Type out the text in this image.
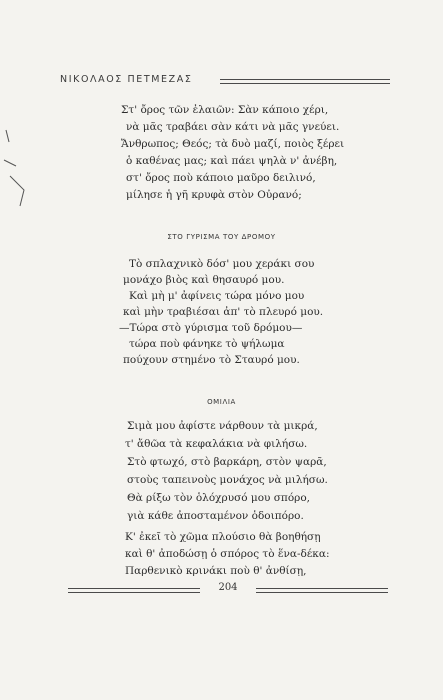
ΝΙΚΟΛΑΟΣ ΠΕΤΜΕΖΑΣ
Στ' ὄρος τῶν ἐλαιῶν: Σὰν κάποιο χέρι,
νὰ μᾶς τραβάει σὰν κάτι νὰ μᾶς γνεύει.
Ἄνθρωπος; Θεός; τὰ δυὸ μαζί, ποιὸς ξέρει
ὁ καθένας μας; καὶ πάει ψηλὰ ν' ἀνέβη,
στ' ὄρος ποὺ κάποιο μαῦρο δειλινό,
μίλησε ἡ γῆ κρυφὰ στὸν Οὐρανό;
ΣΤΟ ΓΥΡΙΣΜΑ ΤΟΥ ΔΡΟΜΟΥ
Τὸ σπλαχνικὸ δόσ' μου χεράκι σου
μονάχο βιὸς καὶ θησαυρό μου.
Καὶ μὴ μ' ἀφίνεις τώρα μόνο μου
καὶ μὴν τραβιέσαι ἀπ' τὸ πλευρό μου.
—Τώρα στὸ γύρισμα τοῦ δρόμου—
τώρα ποὺ φάνηκε τὸ ψήλωμα
πούχουν στημένο τὸ Σταυρό μου.
ΟΜΙΛΙΑ
Σιμὰ μου ἀφίστε νάρθουν τὰ μικρά,
τ' ἄθῶα τὰ κεφαλάκια νὰ φιλήσω.
Στὸ φτωχό, στὸ βαρκάρη, στὸν ψαρᾶ,
στοὺς ταπεινοὺς μονάχος νὰ μιλήσω.
Θὰ ρίξω τὸν ὁλόχρυσό μου σπόρο,
γιὰ κάθε ἀποσταμένον ὁδοιπόρο.
Κ' ἐκεῖ τὸ χῶμα πλούσιο θὰ βοηθήσῃ
καὶ θ' ἀποδώσῃ ὁ σπόρος τὸ ἕνα-δέκα:
Παρθενικὸ κρινάκι ποὺ θ' ἀνθίσῃ,
204
